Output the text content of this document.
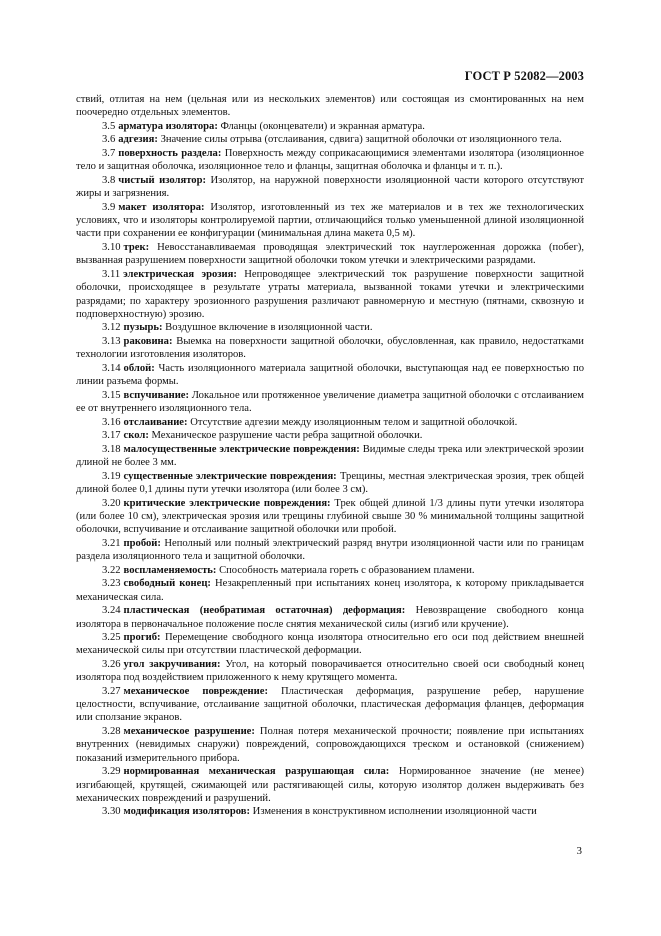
ГОСТ Р 52082—2003

ствий, отлитая на нем (цельная или из нескольких элементов) или состоящая из смонтированных на нем поочередно отдельных элементов.

3.5 арматура изолятора: Фланцы (оконцеватели) и экранная арматура.

3.6 адгезия: Значение силы отрыва (отслаивания, сдвига) защитной оболочки от изоляционного тела.

3.7 поверхность раздела: Поверхность между соприкасающимися элементами изолятора (изоляционное тело и защитная оболочка, изоляционное тело и фланцы, защитная оболочка и фланцы и т. п.).

3.8 чистый изолятор: Изолятор, на наружной поверхности изоляционной части которого отсутствуют жиры и загрязнения.

3.9 макет изолятора: Изолятор, изготовленный из тех же материалов и в тех же технологических условиях, что и изоляторы контролируемой партии, отличающийся только уменьшенной длиной изоляционной части при сохранении ее конфигурации (минимальная длина макета 0,5 м).

3.10 трек: Невосстанавливаемая проводящая электрический ток науглероженная дорожка (побег), вызванная разрушением поверхности защитной оболочки током утечки и электрическими разрядами.

3.11 электрическая эрозия: Непроводящее электрический ток разрушение поверхности защитной оболочки, происходящее в результате утраты материала, вызванной токами утечки и электрическими разрядами; по характеру эрозионного разрушения различают равномерную и местную (пятнами, сквозную и подповерхностную) эрозию.

3.12 пузырь: Воздушное включение в изоляционной части.

3.13 раковина: Выемка на поверхности защитной оболочки, обусловленная, как правило, недостатками технологии изготовления изоляторов.

3.14 облой: Часть изоляционного материала защитной оболочки, выступающая над ее поверхностью по линии разъема формы.

3.15 вспучивание: Локальное или протяженное увеличение диаметра защитной оболочки с отслаиванием ее от внутреннего изоляционного тела.

3.16 отслаивание: Отсутствие адгезии между изоляционным телом и защитной оболочкой.

3.17 скол: Механическое разрушение части ребра защитной оболочки.

3.18 малосущественные электрические повреждения: Видимые следы трека или электрической эрозии длиной не более 3 мм.

3.19 существенные электрические повреждения: Трещины, местная электрическая эрозия, трек общей длиной более 0,1 длины пути утечки изолятора (или более 3 см).

3.20 критические электрические повреждения: Трек общей длиной 1/3 длины пути утечки изолятора (или более 10 см), электрическая эрозия или трещины глубиной свыше 30 % минимальной толщины защитной оболочки, вспучивание и отслаивание защитной оболочки или пробой.

3.21 пробой: Неполный или полный электрический разряд внутри изоляционной части или по границам раздела изоляционного тела и защитной оболочки.

3.22 воспламеняемость: Способность материала гореть с образованием пламени.

3.23 свободный конец: Незакрепленный при испытаниях конец изолятора, к которому прикладывается механическая сила.

3.24 пластическая (необратимая остаточная) деформация: Невозвращение свободного конца изолятора в первоначальное положение после снятия механической силы (изгиб или кручение).

3.25 прогиб: Перемещение свободного конца изолятора относительно его оси под действием внешней механической силы при отсутствии пластической деформации.

3.26 угол закручивания: Угол, на который поворачивается относительно своей оси свободный конец изолятора под воздействием приложенного к нему крутящего момента.

3.27 механическое повреждение: Пластическая деформация, разрушение ребер, нарушение целостности, вспучивание, отслаивание защитной оболочки, пластическая деформация фланцев, деформация или сползание экранов.

3.28 механическое разрушение: Полная потеря механической прочности; появление при испытаниях внутренних (невидимых снаружи) повреждений, сопровождающихся треском и остановкой (снижением) показаний измерительного прибора.

3.29 нормированная механическая разрушающая сила: Нормированное значение (не менее) изгибающей, крутящей, сжимающей или растягивающей силы, которую изолятор должен выдерживать без механических повреждений и разрушений.

3.30 модификация изоляторов: Изменения в конструктивном исполнении изоляционной части

3
